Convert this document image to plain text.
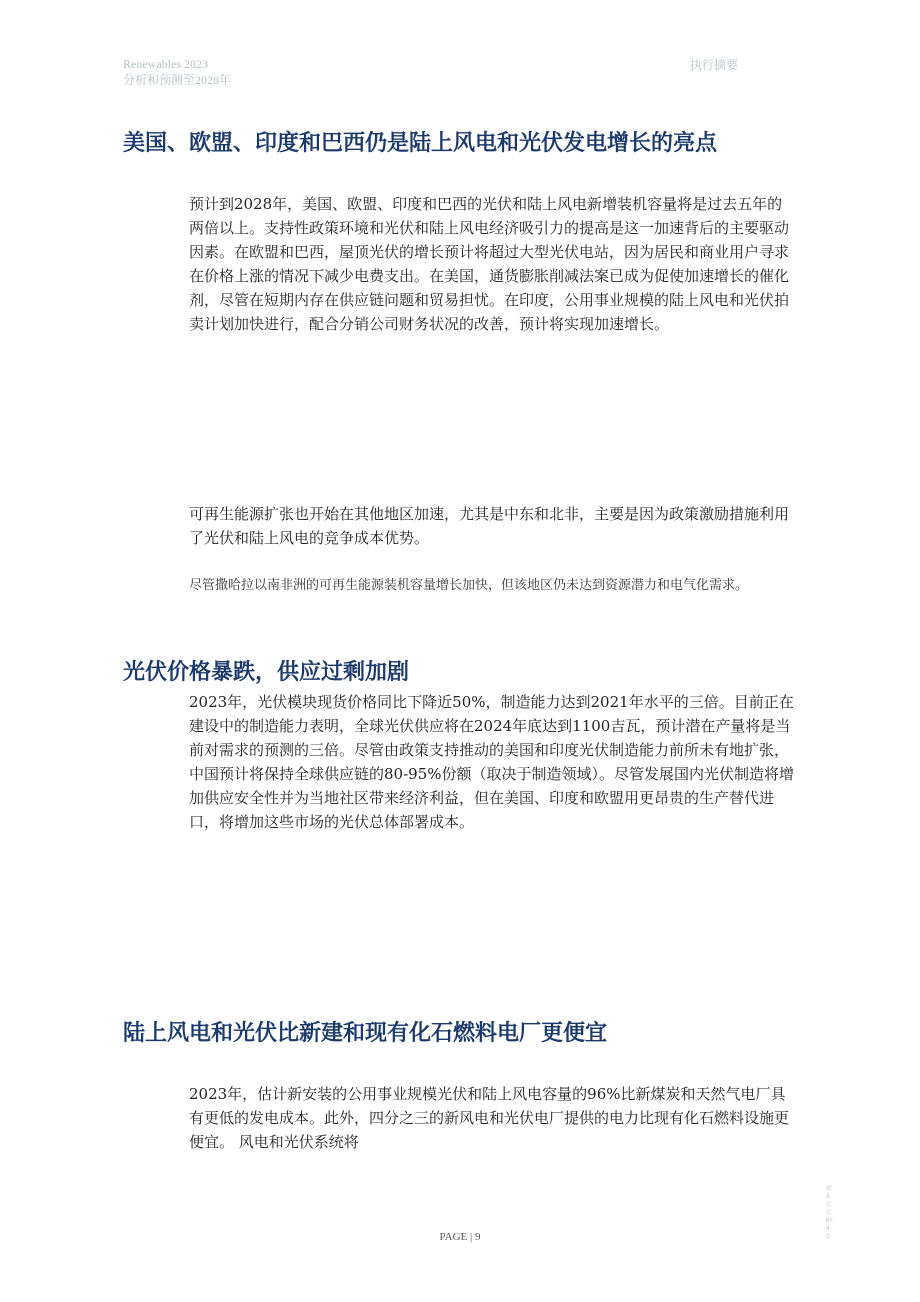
Renewables 2023
分析和预测至2028年
执行摘要
美国、欧盟、印度和巴西仍是陆上风电和光伏发电增长的亮点

预计到2028年，美国、欧盟、印度和巴西的光伏和陆上风电新增装机容量将是过去五年的两倍以上。支持性政策环境和光伏和陆上风电经济吸引力的提高是这一加速背后的主要驱动因素。在欧盟和巴西，屋顶光伏的增长预计将超过大型光伏电站，因为居民和商业用户寻求在价格上涨的情况下减少电费支出。在美国，通货膨胀削减法案已成为促使加速增长的催化剂，尽管在短期内存在供应链问题和贸易担忧。在印度，公用事业规模的陆上风电和光伏拍卖计划加快进行，配合分销公司财务状况的改善，预计将实现加速增长。

可再生能源扩张也开始在其他地区加速，尤其是中东和北非，主要是因为政策激励措施利用了光伏和陆上风电的竞争成本优势。

尽管撒哈拉以南非洲的可再生能源装机容量增长加快，但该地区仍未达到资源潜力和电气化需求。

光伏价格暴跌，供应过剩加剧

2023年，光伏模块现货价格同比下降近50%，制造能力达到2021年水平的三倍。目前正在建设中的制造能力表明，全球光伏供应将在2024年底达到1100吉瓦，预计潜在产量将是当前对需求的预测的三倍。尽管由政策支持推动的美国和印度光伏制造能力前所未有地扩张，中国预计将保持全球供应链的80-95%份额（取决于制造领域）。尽管发展国内光伏制造将增加供应安全性并为当地社区带来经济利益，但在美国、印度和欧盟用更昂贵的生产替代进口，将增加这些市场的光伏总体部署成本。

陆上风电和光伏比新建和现有化石燃料电厂更便宜

2023年，估计新安装的公用事业规模光伏和陆上风电容量的96%比新煤炭和天然气电厂具有更低的发电成本。此外，四分之三的新风电和光伏电厂提供的电力比现有化石燃料设施更便宜。 风电和光伏系统将

PAGE | 9
IEA. CC BY 4.0.
